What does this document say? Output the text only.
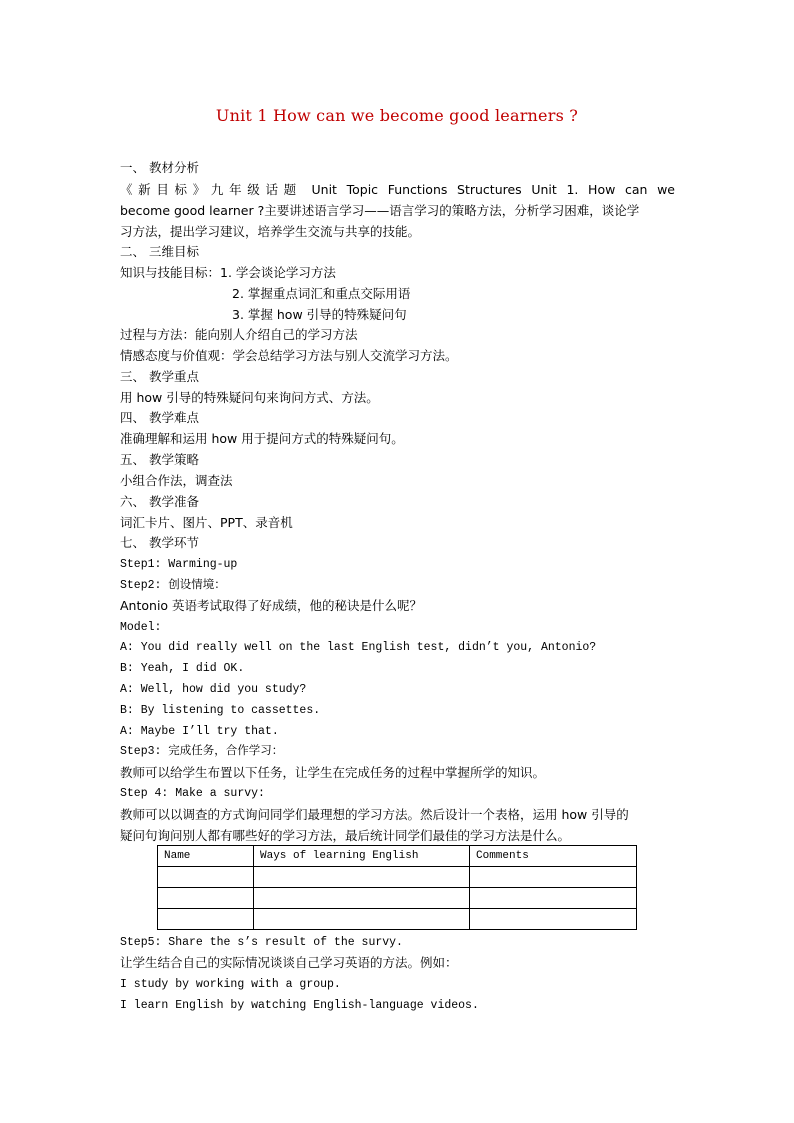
Unit 1 How can we become good learners ?
一、 教材分析
《新目标》九年级话题 Unit Topic Functions Structures Unit 1. How can we
become good learner ?主要讲述语言学习——语言学习的策略方法，分析学习困难，谈论学
习方法，提出学习建议，培养学生交流与共享的技能。
二、 三维目标
知识与技能目标：1. 学会谈论学习方法
2. 掌握重点词汇和重点交际用语
3. 掌握 how 引导的特殊疑问句
过程与方法：能向别人介绍自己的学习方法
情感态度与价值观：学会总结学习方法与别人交流学习方法。
三、 教学重点
用 how 引导的特殊疑问句来询问方式、方法。
四、 教学难点
准确理解和运用 how 用于提问方式的特殊疑问句。
五、 教学策略
小组合作法，调查法
六、 教学准备
词汇卡片、图片、PPT、录音机
七、 教学环节
Step1: Warming-up
Step2: 创设情境：
Antonio 英语考试取得了好成绩，他的秘诀是什么呢？
Model:
A: You did really well on the last English test, didn’t you, Antonio?
B: Yeah, I did OK.
A: Well, how did you study?
B: By listening to cassettes.
A: Maybe I’ll try that.
Step3: 完成任务，合作学习：
教师可以给学生布置以下任务，让学生在完成任务的过程中掌握所学的知识。
Step 4: Make a survy:
教师可以以调查的方式询问同学们最理想的学习方法。然后设计一个表格，运用 how 引导的
疑问句询问别人都有哪些好的学习方法，最后统计同学们最佳的学习方法是什么。
Name	Ways of learning English	Comments

Step5: Share the s’s result of the survy.
让学生结合自己的实际情况谈谈自己学习英语的方法。例如：
I study by working with a group.
I learn English by watching English-language videos.
